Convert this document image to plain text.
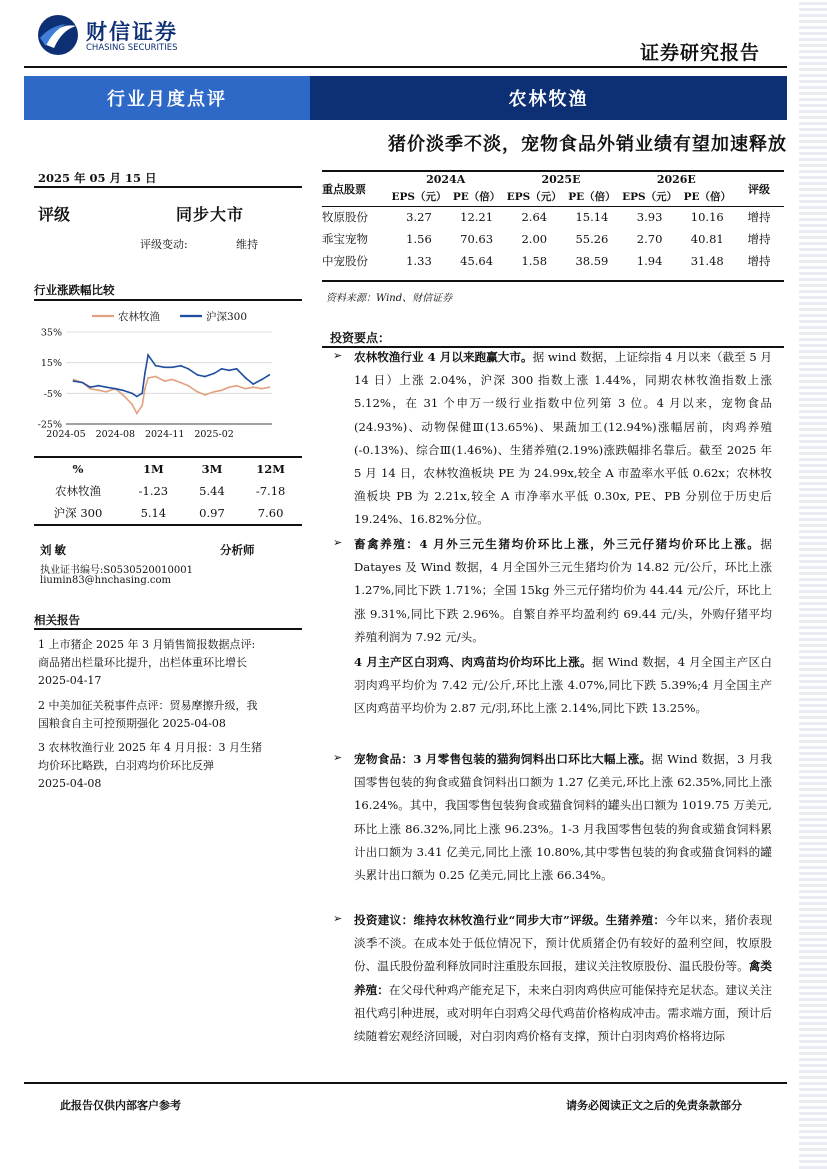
财信证券
CHASING SECURITIES	证券研究报告
行业月度点评	农林牧渔
猪价淡季不淡，宠物食品外销业绩有望加速释放
2025 年 05 月 15 日
评级	同步大市
评级变动:	维持
行业涨跌幅比较
35%
15%
-5%
-25%
2024-05 2024-08 2024-11 2025-02
农林牧渔	沪深300
%	1M	3M	12M
农林牧渔	-1.23	5.44	-7.18
沪深 300	5.14	0.97	7.60
刘敏	分析师
执业证书编号:S0530520010001
liumin83@hnchasing.com
相关报告

1 上市猪企 2025 年 3 月销售简报数据点评:

商品猪出栏量环比提升，出栏体重环比增长

2025-04-17

2 中美加征关税事件点评：贸易摩擦升级，我

国粮食自主可控预期强化 2025-04-08

3 农林牧渔行业 2025 年 4 月月报：3 月生猪

均价环比略跌，白羽鸡均价环比反弹

2025-04-08

重点股票	2024A		2025E		2026E		评级
	EPS（元）	PE（倍）	EPS（元）	PE（倍）	EPS（元）	PE（倍）	
牧原股份	3.27	12.21	2.64	15.14	3.93	10.16	增持
乖宝宠物	1.56	70.63	2.00	55.26	2.70	40.81	增持
中宠股份	1.33	45.64	1.58	38.59	1.94	31.48	增持
资料来源：Wind、财信证券
投资要点：
➢ 农林牧渔行业 4 月以来跑赢大市。据 wind 数据，上证综指 4 月以来（截至 5 月 14 日）上涨 2.04%，沪深 300 指数上涨 1.44%，同期农林牧渔指数上涨 5.12%，在 31 个申万一级行业指数中位列第 3 位。4 月以来，宠物食品(24.93%)、动物保健Ⅲ(13.65%)、果蔬加工(12.94%)涨幅居前，肉鸡养殖(-0.13%)、综合Ⅲ(1.46%)、生猪养殖(2.19%)涨跌幅排名靠后。截至 2025 年 5 月 14 日，农林牧渔板块 PE 为 24.99x,较全 A 市盈率水平低 0.62x；农林牧渔板块 PB 为 2.21x,较全 A 市净率水平低 0.30x, PE、PB 分别位于历史后 19.24%、16.82%分位。
➢ 畜禽养殖：4 月外三元生猪均价环比上涨，外三元仔猪均价环比上涨。据 Datayes 及 Wind 数据，4 月全国外三元生猪均价为 14.82 元/公斤，环比上涨 1.27%,同比下跌 1.71%；全国 15kg 外三元仔猪均价为 44.44 元/公斤，环比上涨 9.31%,同比下跌 2.96%。自繁自养平均盈利约 69.44 元/头，外购仔猪平均养殖利润为 7.92 元/头。
4 月主产区白羽鸡、肉鸡苗均价均环比上涨。据 Wind 数据，4 月全国主产区白羽肉鸡平均价为 7.42 元/公斤,环比上涨 4.07%,同比下跌 5.39%;4 月全国主产区肉鸡苗平均价为 2.87 元/羽,环比上涨 2.14%,同比下跌 13.25%。
➢ 宠物食品：3 月零售包装的猫狗饲料出口环比大幅上涨。据 Wind 数据，3 月我国零售包装的狗食或猫食饲料出口额为 1.27 亿美元,环比上涨 62.35%,同比上涨 16.24%。其中，我国零售包装狗食或猫食饲料的罐头出口额为 1019.75 万美元,环比上涨 86.32%,同比上涨 96.23%。1-3 月我国零售包装的狗食或猫食饲料累计出口额为 3.41 亿美元,同比上涨 10.80%,其中零售包装的狗食或猫食饲料的罐头累计出口额为 0.25 亿美元,同比上涨 66.34%。
➢ 投资建议：维持农林牧渔行业“同步大市”评级。生猪养殖：今年以来，猪价表现淡季不淡。在成本处于低位情况下，预计优质猪企仍有较好的盈利空间，牧原股份、温氏股份盈利释放同时注重股东回报，建议关注牧原股份、温氏股份等。禽类养殖：在父母代种鸡产能充足下，未来白羽肉鸡供应可能保持充足状态。建议关注祖代鸡引种进展，或对明年白羽鸡父母代鸡苗价格构成冲击。需求端方面，预计后续随着宏观经济回暖，对白羽肉鸡价格有支撑，预计白羽肉鸡价格将边际
此报告仅供内部客户参考	请务必阅读正文之后的免责条款部分
